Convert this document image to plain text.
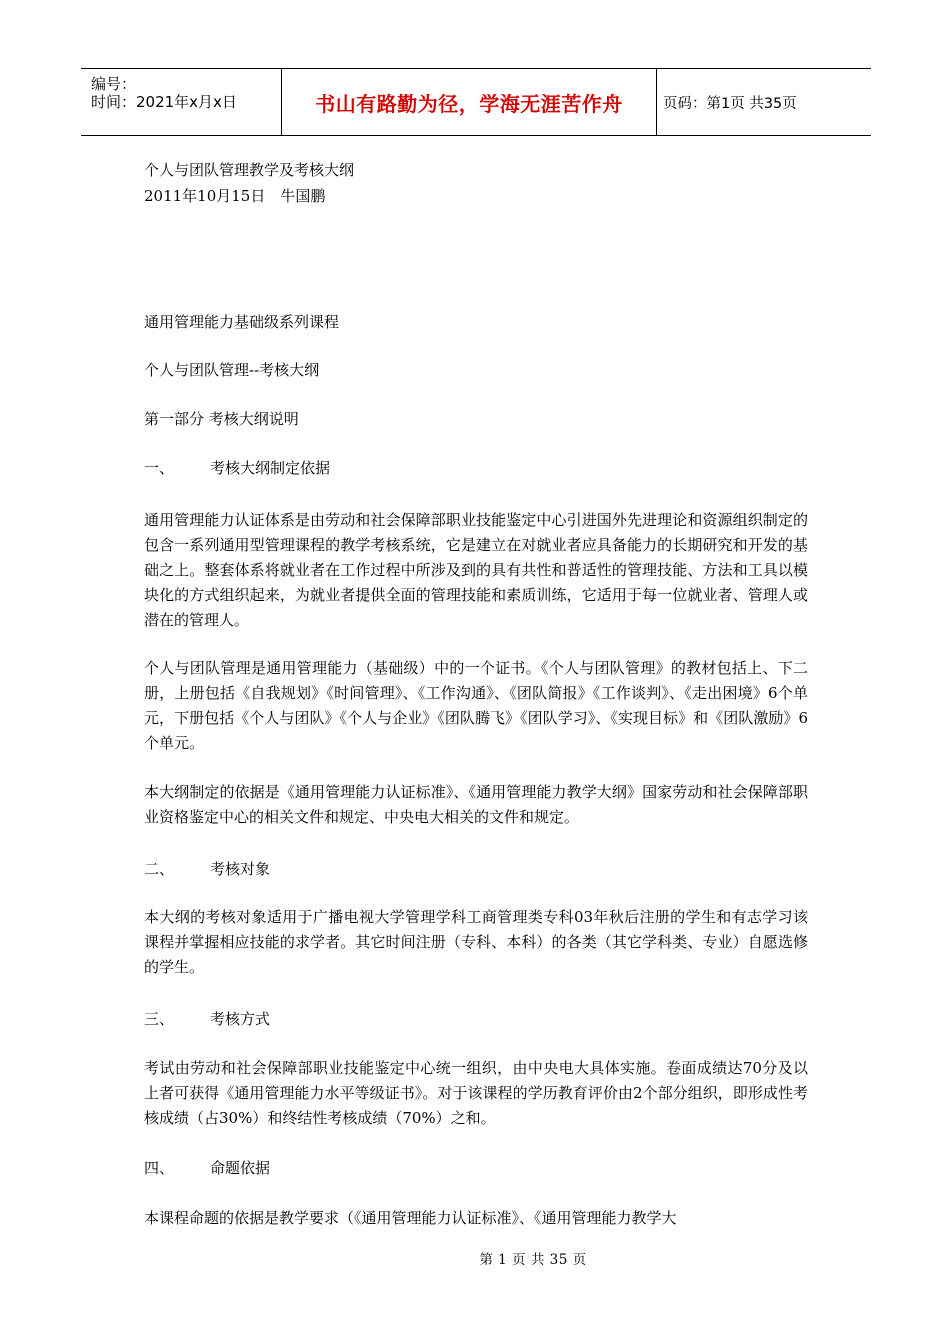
编号：
时间：2021年x月x日	书山有路勤为径，学海无涯苦作舟	页码：第1页 共35页

个人与团队管理教学及考核大纲

2011年10月15日　牛国鹏

通用管理能力基础级系列课程

个人与团队管理--考核大纲

第一部分 考核大纲说明

一、 考核大纲制定依据

通用管理能力认证体系是由劳动和社会保障部职业技能鉴定中心引进国外先进理论和资源组织制定的包含一系列通用型管理课程的教学考核系统，它是建立在对就业者应具备能力的长期研究和开发的基础之上。整套体系将就业者在工作过程中所涉及到的具有共性和普适性的管理技能、方法和工具以模块化的方式组织起来，为就业者提供全面的管理技能和素质训练，它适用于每一位就业者、管理人或潜在的管理人。

个人与团队管理是通用管理能力（基础级）中的一个证书。《个人与团队管理》的教材包括上、下二册，上册包括《自我规划》《时间管理》、《工作沟通》、《团队简报》《工作谈判》、《走出困境》6个单元，下册包括《个人与团队》《个人与企业》《团队腾飞》《团队学习》、《实现目标》和《团队激励》6个单元。

本大纲制定的依据是《通用管理能力认证标准》、《通用管理能力教学大纲》国家劳动和社会保障部职业资格鉴定中心的相关文件和规定、中央电大相关的文件和规定。

二、 考核对象

本大纲的考核对象适用于广播电视大学管理学科工商管理类专科03年秋后注册的学生和有志学习该课程并掌握相应技能的求学者。其它时间注册（专科、本科）的各类（其它学科类、专业）自愿选修的学生。

三、 考核方式

考试由劳动和社会保障部职业技能鉴定中心统一组织，由中央电大具体实施。卷面成绩达70分及以上者可获得《通用管理能力水平等级证书》。对于该课程的学历教育评价由2个部分组织，即形成性考核成绩（占30%）和终结性考核成绩（70%）之和。

四、 命题依据

本课程命题的依据是教学要求（《通用管理能力认证标准》、《通用管理能力教学大

第 1 页 共 35 页
